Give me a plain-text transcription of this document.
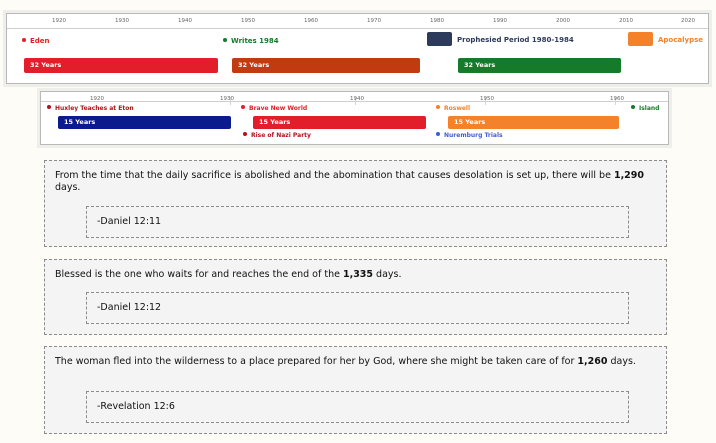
1920	1930	1940	1950	1960	1970	1980	1990	2000	2010	2020
Eden	Writes 1984	Prophesied Period 1980-1984	Apocalypse
32 Years	32 Years	32 Years
1920	1930	1940	1950	1960
Huxley Teaches at Eton	Brave New World	Roswell	Island
15 Years	15 Years	15 Years
Rise of Nazi Party	Nuremburg Trials
From the time that the daily sacrifice is abolished and the abomination that causes desolation is set up, there will be 1,290 days.
-Daniel 12:11
Blessed is the one who waits for and reaches the end of the 1,335 days.
-Daniel 12:12
The woman fled into the wilderness to a place prepared for her by God, where she might be taken care of for 1,260 days.
-Revelation 12:6
